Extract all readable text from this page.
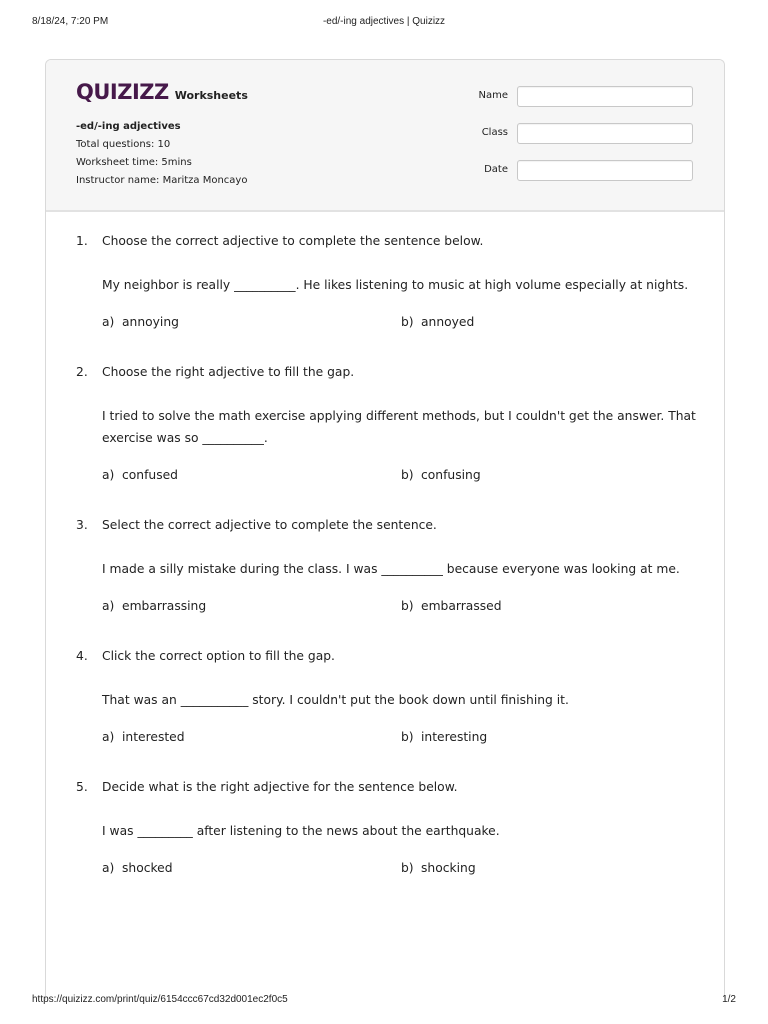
8/18/24, 7:20 PM	-ed/-ing adjectives | Quizizz
QUIZIZZ Worksheets
-ed/-ing adjectives
Total questions: 10
Worksheet time: 5mins
Instructor name: Maritza Moncayo
Name
Class
Date
1. Choose the correct adjective to complete the sentence below.
My neighbor is really __________. He likes listening to music at high volume especially at nights.
a) annoying	b) annoyed
2. Choose the right adjective to fill the gap.
I tried to solve the math exercise applying different methods, but I couldn't get the answer. That exercise was so __________.
a) confused	b) confusing
3. Select the correct adjective to complete the sentence.
I made a silly mistake during the class. I was __________ because everyone was looking at me.
a) embarrassing	b) embarrassed
4. Click the correct option to fill the gap.
That was an ___________ story. I couldn't put the book down until finishing it.
a) interested	b) interesting
5. Decide what is the right adjective for the sentence below.
I was _________ after listening to the news about the earthquake.
a) shocked	b) shocking
https://quizizz.com/print/quiz/6154ccc67cd32d001ec2f0c5	1/2
